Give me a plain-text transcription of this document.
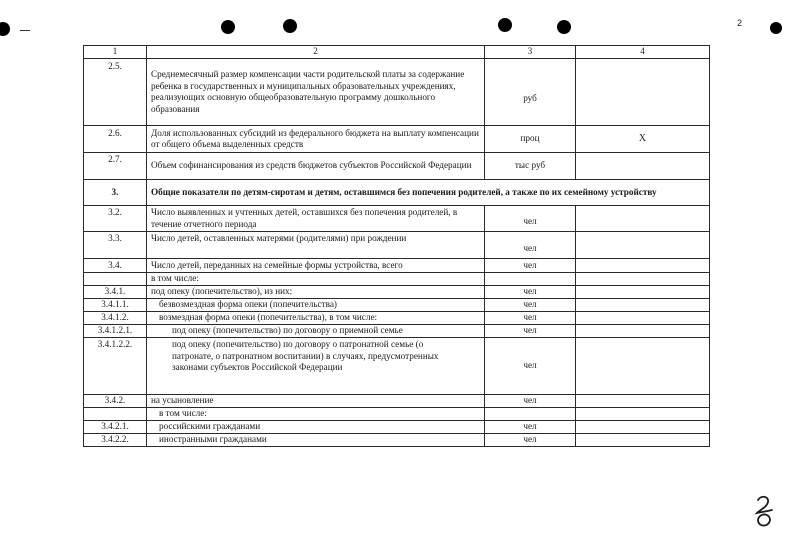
2
1	2	3	4
2.5.	Среднемесячный размер компенсации части родительской платы за содержание ребенка в государственных и муниципальных образовательных учреждениях, реализующих основную общеобразовательную программу дошкольного образования	руб	
2.6.	Доля использованных субсидий из федерального бюджета на выплату компенсации от общего объема выделенных средств	проц	Х
2.7.	Объем софинансирования из средств бюджетов субъектов Российской Федерации	тыс руб	
3.	Общие показатели по детям-сиротам и детям, оставшимся без попечения родителей, а также по их семейному устройству		
3.2.	Число выявленных и учтенных детей, оставшихся без попечения родителей, в течение отчетного периода	чел	
3.3.	Число детей, оставленных матерями (родителями) при рождении	чел	
3.4.	Число детей, переданных на семейные формы устройства, всего	чел	
	в том числе:		
3.4.1.	под опеку (попечительство), из них:	чел	
3.4.1.1.	безвозмездная форма опеки (попечительства)	чел	
3.4.1.2.	возмездная форма опеки (попечительства), в том числе:	чел	
3.4.1.2.1.	под опеку (попечительство) по договору о приемной семье	чел	
3.4.1.2.2.	под опеку (попечительство) по договору о патронатной семье (о патронате, о патронатном воспитании) в случаях, предусмотренных законами субъектов Российской Федерации	чел	
3.4.2.	на усыновление	чел	
	в том числе:		
3.4.2.1.	российскими гражданами	чел	
3.4.2.2.	иностранными гражданами	чел	
